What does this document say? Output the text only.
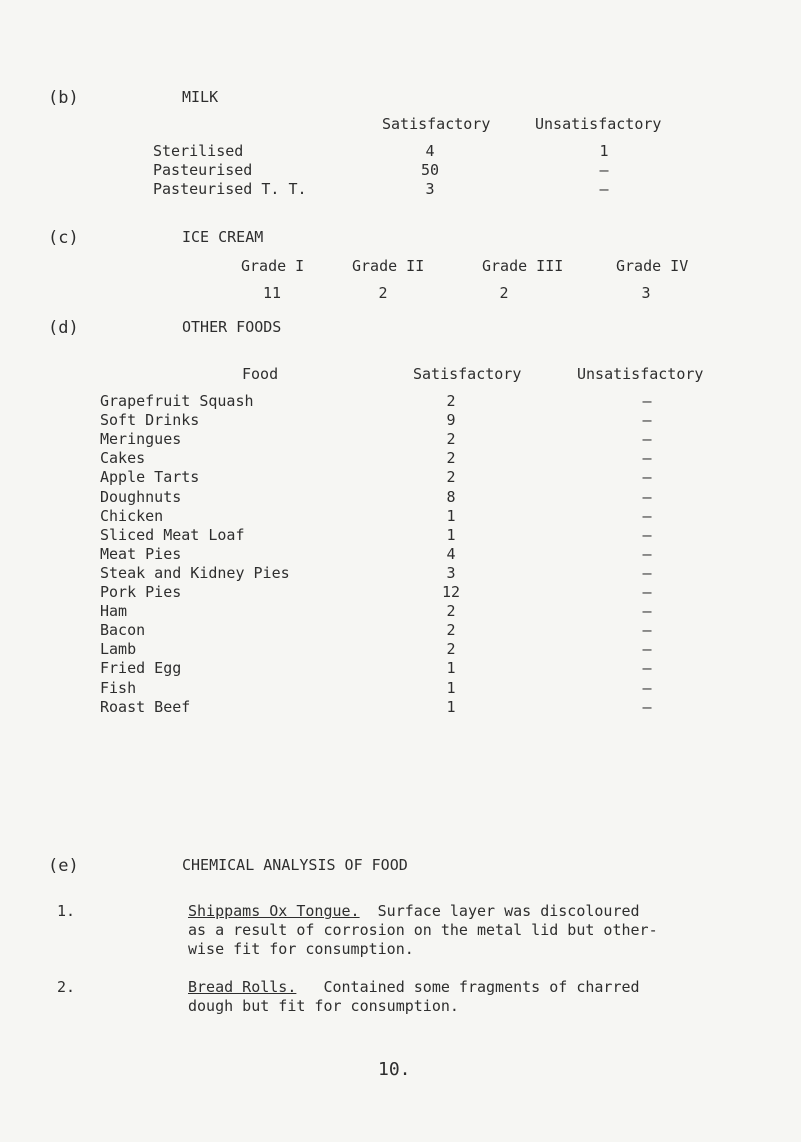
(b)	MILK
Satisfactory	Unsatisfactory
Sterilised	4	1
Pasteurised	50	–
Pasteurised T. T.	3	–
(c)	ICE CREAM
Grade I	Grade II	Grade III	Grade IV
11	2	2	3
(d)	OTHER FOODS
Food	Satisfactory	Unsatisfactory
Grapefruit Squash	2	–
Soft Drinks	9	–
Meringues	2	–
Cakes	2	–
Apple Tarts	2	–
Doughnuts	8	–
Chicken	1	–
Sliced Meat Loaf	1	–
Meat Pies	4	–
Steak and Kidney Pies	3	–
Pork Pies	12	–
Ham	2	–
Bacon	2	–
Lamb	2	–
Fried Egg	1	–
Fish	1	–
Roast Beef	1	–
(e)	CHEMICAL ANALYSIS OF FOOD
1.	Shippams Ox Tongue. Surface layer was discoloured
as a result of corrosion on the metal lid but other-
wise fit for consumption.
2.	Bread Rolls. Contained some fragments of charred
dough but fit for consumption.
10.
